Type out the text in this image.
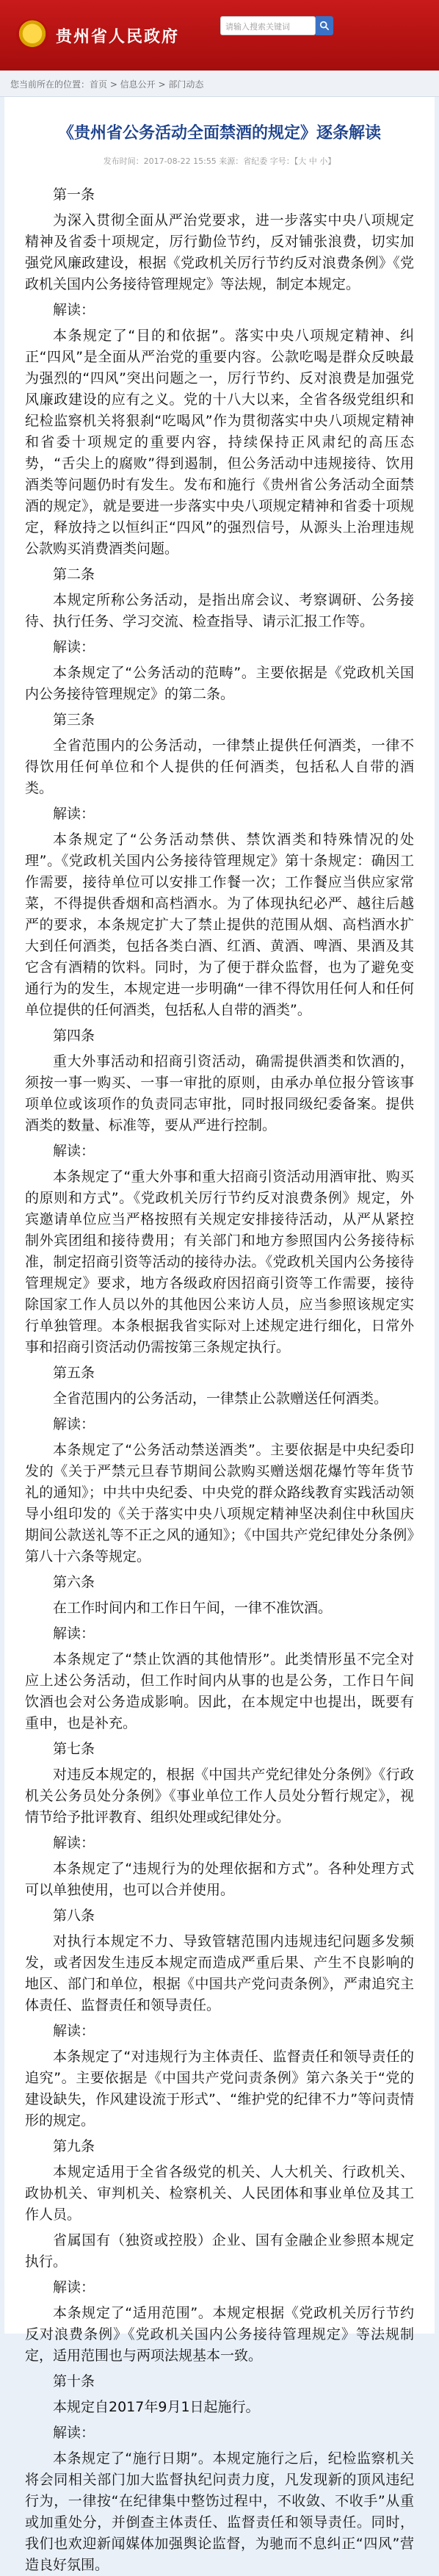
贵州省人民政府
请输入搜索关键词
您当前所在的位置：首页 > 信息公开 > 部门动态
《贵州省公务活动全面禁酒的规定》逐条解读
发布时间：2017-08-22 15:55 来源：省纪委 字号：【大 中 小】

第一条

为深入贯彻全面从严治党要求，进一步落实中央八项规定精神及省委十项规定，厉行勤俭节约，反对铺张浪费，切实加强党风廉政建设，根据《党政机关厉行节约反对浪费条例》《党政机关国内公务接待管理规定》等法规，制定本规定。

解读：

本条规定了“目的和依据”。落实中央八项规定精神、纠正“四风”是全面从严治党的重要内容。公款吃喝是群众反映最为强烈的“四风”突出问题之一，厉行节约、反对浪费是加强党风廉政建设的应有之义。党的十八大以来，全省各级党组织和纪检监察机关将狠刹“吃喝风”作为贯彻落实中央八项规定精神和省委十项规定的重要内容，持续保持正风肃纪的高压态势，“舌尖上的腐败”得到遏制，但公务活动中违规接待、饮用酒类等问题仍时有发生。发布和施行《贵州省公务活动全面禁酒的规定》，就是要进一步落实中央八项规定精神和省委十项规定，释放持之以恒纠正“四风”的强烈信号，从源头上治理违规公款购买消费酒类问题。

第二条

本规定所称公务活动，是指出席会议、考察调研、公务接待、执行任务、学习交流、检查指导、请示汇报工作等。

解读：

本条规定了“公务活动的范畴”。主要依据是《党政机关国内公务接待管理规定》的第二条。

第三条

全省范围内的公务活动，一律禁止提供任何酒类，一律不得饮用任何单位和个人提供的任何酒类，包括私人自带的酒类。

解读：

本条规定了“公务活动禁供、禁饮酒类和特殊情况的处理”。《党政机关国内公务接待管理规定》第十条规定：确因工作需要，接待单位可以安排工作餐一次；工作餐应当供应家常菜，不得提供香烟和高档酒水。为了体现执纪必严、越往后越严的要求，本条规定扩大了禁止提供的范围从烟、高档酒水扩大到任何酒类，包括各类白酒、红酒、黄酒、啤酒、果酒及其它含有酒精的饮料。同时，为了便于群众监督，也为了避免变通行为的发生，本规定进一步明确“一律不得饮用任何人和任何单位提供的任何酒类，包括私人自带的酒类”。

第四条

重大外事活动和招商引资活动，确需提供酒类和饮酒的，须按一事一购买、一事一审批的原则，由承办单位报分管该事项单位或该项作的负责同志审批，同时报同级纪委备案。提供酒类的数量、标准等，要从严进行控制。

解读：

本条规定了“重大外事和重大招商引资活动用酒审批、购买的原则和方式”。《党政机关厉行节约反对浪费条例》规定，外宾邀请单位应当严格按照有关规定安排接待活动，从严从紧控制外宾团组和接待费用；有关部门和地方参照国内公务接待标准，制定招商引资等活动的接待办法。《党政机关国内公务接待管理规定》要求，地方各级政府因招商引资等工作需要，接待除国家工作人员以外的其他因公来访人员，应当参照该规定实行单独管理。本条根据我省实际对上述规定进行细化，日常外事和招商引资活动仍需按第三条规定执行。

第五条

全省范围内的公务活动，一律禁止公款赠送任何酒类。

解读：

本条规定了“公务活动禁送酒类”。主要依据是中央纪委印发的《关于严禁元旦春节期间公款购买赠送烟花爆竹等年货节礼的通知》；中共中央纪委、中央党的群众路线教育实践活动领导小组印发的《关于落实中央八项规定精神坚决刹住中秋国庆期间公款送礼等不正之风的通知》；《中国共产党纪律处分条例》第八十六条等规定。

第六条

在工作时间内和工作日午间，一律不准饮酒。

解读：

本条规定了“禁止饮酒的其他情形”。此类情形虽不完全对应上述公务活动，但工作时间内从事的也是公务，工作日午间饮酒也会对公务造成影响。因此，在本规定中也提出，既要有重申，也是补充。

第七条

对违反本规定的，根据《中国共产党纪律处分条例》《行政机关公务员处分条例》《事业单位工作人员处分暂行规定》，视情节给予批评教育、组织处理或纪律处分。

解读：

本条规定了“违规行为的处理依据和方式”。各种处理方式可以单独使用，也可以合并使用。

第八条

对执行本规定不力、导致管辖范围内违规违纪问题多发频发，或者因发生违反本规定而造成严重后果、产生不良影响的地区、部门和单位，根据《中国共产党问责条例》，严肃追究主体责任、监督责任和领导责任。

解读：

本条规定了“对违规行为主体责任、监督责任和领导责任的追究”。主要依据是《中国共产党问责条例》第六条关于“党的建设缺失，作风建设流于形式”、“维护党的纪律不力”等问责情形的规定。

第九条

本规定适用于全省各级党的机关、人大机关、行政机关、政协机关、审判机关、检察机关、人民团体和事业单位及其工作人员。

省属国有（独资或控股）企业、国有金融企业参照本规定执行。

解读：

本条规定了“适用范围”。本规定根据《党政机关厉行节约反对浪费条例》《党政机关国内公务接待管理规定》等法规制定，适用范围也与两项法规基本一致。

第十条

本规定自2017年9月1日起施行。

解读：

本条规定了“施行日期”。本规定施行之后，纪检监察机关将会同相关部门加大监督执纪问责力度，凡发现新的顶风违纪行为，一律按“在纪律集中整饬过程中，不收敛、不收手”从重或加重处分，并倒查主体责任、监督责任和领导责任。同时，我们也欢迎新闻媒体加强舆论监督，为驰而不息纠正“四风”营造良好氛围。
